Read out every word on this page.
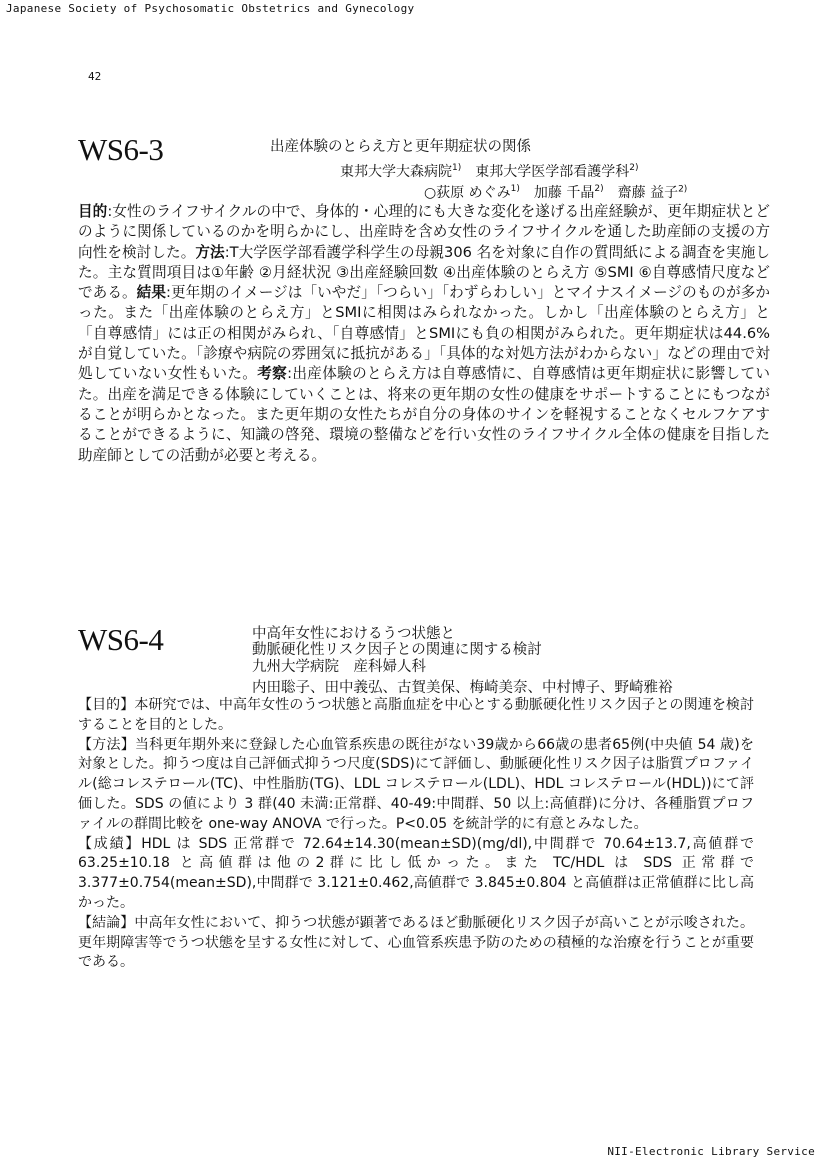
Japanese Society of Psychosomatic Obstetrics and Gynecology
42
WS6-3	出産体験のとらえ方と更年期症状の関係
東邦大学大森病院$^{1)}$ 東邦大学医学部看護学科$^{2)}$
○荻原 めぐみ$^{1)}$ 加藤 千晶$^{2)}$ 齋藤 益子$^{2)}$

目的:女性のライフサイクルの中で、身体的・心理的にも大きな変化を遂げる出産経験が、更年期症状とどのように関係しているのかを明らかにし、出産時を含め女性のライフサイクルを通した助産師の支援の方向性を検討した。方法:T大学医学部看護学科学生の母親306 名を対象に自作の質問紙による調査を実施した。主な質問項目は①年齢 ②月経状況 ③出産経験回数 ④出産体験のとらえ方 ⑤SMI ⑥自尊感情尺度などである。結果:更年期のイメージは「いやだ」「つらい」「わずらわしい」とマイナスイメージのものが多かった。また「出産体験のとらえ方」とSMIに相関はみられなかった。しかし「出産体験のとらえ方」と「自尊感情」には正の相関がみられ、「自尊感情」とSMIにも負の相関がみられた。更年期症状は44.6%が自覚していた。「診療や病院の雰囲気に抵抗がある」「具体的な対処方法がわからない」などの理由で対処していない女性もいた。考察:出産体験のとらえ方は自尊感情に、自尊感情は更年期症状に影響していた。出産を満足できる体験にしていくことは、将来の更年期の女性の健康をサポートすることにもつながることが明らかとなった。また更年期の女性たちが自分の身体のサインを軽視することなくセルフケアすることができるように、知識の啓発、環境の整備などを行い女性のライフサイクル全体の健康を目指した助産師としての活動が必要と考える。

WS6-4	中高年女性におけるうつ状態と
動脈硬化性リスク因子との関連に関する検討
九州大学病院　産科婦人科
内田聡子、田中義弘、古賀美保、梅崎美奈、中村博子、野崎雅裕

【目的】本研究では、中高年女性のうつ状態と高脂血症を中心とする動脈硬化性リスク因子との関連を検討することを目的とした。

【方法】当科更年期外来に登録した心血管系疾患の既往がない39歳から66歳の患者65例(中央値 54 歳)を対象とした。抑うつ度は自己評価式抑うつ尺度(SDS)にて評価し、動脈硬化性リスク因子は脂質プロファイル(総コレステロール(TC)、中性脂肪(TG)、LDL コレステロール(LDL)、HDL コレステロール(HDL))にて評価した。SDS の値により 3 群(40 未満:正常群、40-49:中間群、50 以上:高値群)に分け、各種脂質プロファイルの群間比較を one-way ANOVA で行った。P<0.05 を統計学的に有意とみなした。

【成績】HDL は SDS 正常群で 72.64±14.30(mean±SD)(mg/dl),中間群で 70.64±13.7,高値群で63.25±10.18 と高値群は他の2群に比し低かった。また TC/HDL は SDS 正常群で 3.377±0.754(mean±SD),中間群で 3.121±0.462,高値群で 3.845±0.804 と高値群は正常値群に比し高かった。

【結論】中高年女性において、抑うつ状態が顕著であるほど動脈硬化リスク因子が高いことが示唆された。更年期障害等でうつ状態を呈する女性に対して、心血管系疾患予防のための積極的な治療を行うことが重要である。

NII-Electronic Library Service
